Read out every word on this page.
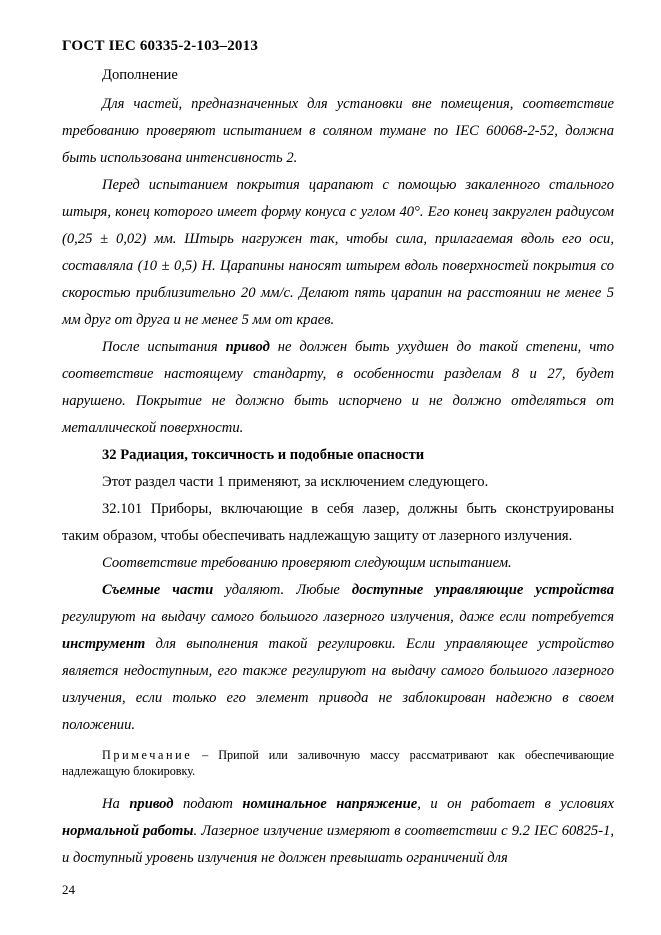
ГОСТ IEC 60335-2-103–2013

Дополнение

Для частей, предназначенных для установки вне помещения, соответствие требованию проверяют испытанием в соляном тумане по IEC 60068-2-52, должна быть использована интенсивность 2.

Перед испытанием покрытия царапают с помощью закаленного стального штыря, конец которого имеет форму конуса с углом 40°. Его конец закруглен радиусом (0,25 ± 0,02) мм. Штырь нагружен так, чтобы сила, прилагаемая вдоль его оси, составляла (10 ± 0,5) Н. Царапины наносят штырем вдоль поверхностей покрытия со скоростью приблизительно 20 мм/с. Делают пять царапин на расстоянии не менее 5 мм друг от друга и не менее 5 мм от краев.

После испытания привод не должен быть ухудшен до такой степени, что соответствие настоящему стандарту, в особенности разделам 8 и 27, будет нарушено. Покрытие не должно быть испорчено и не должно отделяться от металлической поверхности.

32 Радиация, токсичность и подобные опасности

Этот раздел части 1 применяют, за исключением следующего.

32.101 Приборы, включающие в себя лазер, должны быть сконструированы таким образом, чтобы обеспечивать надлежащую защиту от лазерного излучения.

Соответствие требованию проверяют следующим испытанием.

Съемные части удаляют. Любые доступные управляющие устройства регулируют на выдачу самого большого лазерного излучения, даже если потребуется инструмент для выполнения такой регулировки. Если управляющее устройство является недоступным, его также регулируют на выдачу самого большого лазерного излучения, если только его элемент привода не заблокирован надежно в своем положении.

Примечание – Припой или заливочную массу рассматривают как обеспечивающие надлежащую блокировку.

На привод подают номинальное напряжение, и он работает в условиях нормальной работы. Лазерное излучение измеряют в соответствии с 9.2 IEC 60825-1, и доступный уровень излучения не должен превышать ограничений для

24
